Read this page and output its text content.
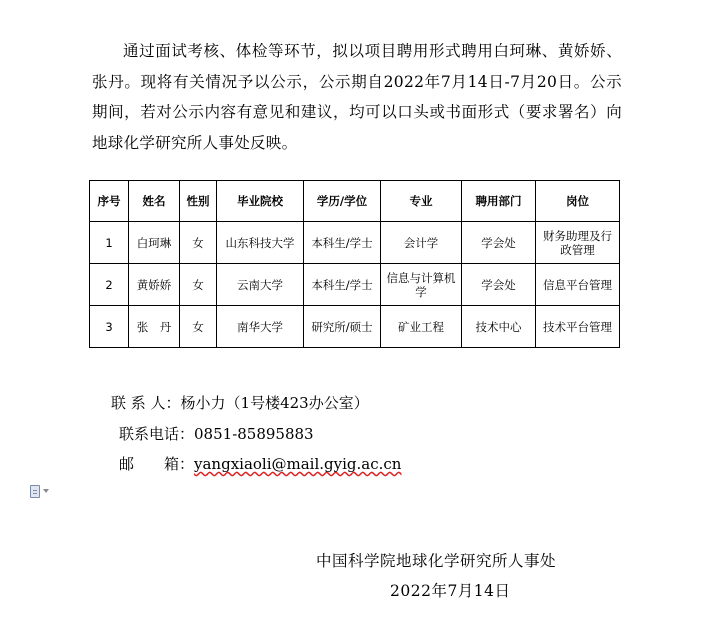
通过面试考核、体检等环节，拟以项目聘用形式聘用白珂琳、黄娇娇、张丹。现将有关情况予以公示，公示期自2022年7月14日-7月20日。公示期间，若对公示内容有意见和建议，均可以口头或书面形式（要求署名）向地球化学研究所人事处反映。
序号	姓名	性别	毕业院校	学历/学位	专业	聘用部门	岗位
1	白珂琳	女	山东科技大学	本科生/学士	会计学	学会处	财务助理及行政管理
2	黄娇娇	女	云南大学	本科生/学士	信息与计算机学	学会处	信息平台管理
3	张　丹	女	南华大学	研究所/硕士	矿业工程	技术中心	技术平台管理
联 系 人：杨小力（1号楼423办公室）
联系电话：0851-85895883
邮　　箱：yangxiaoli@mail.gyig.ac.cn
中国科学院地球化学研究所人事处
2022年7月14日
